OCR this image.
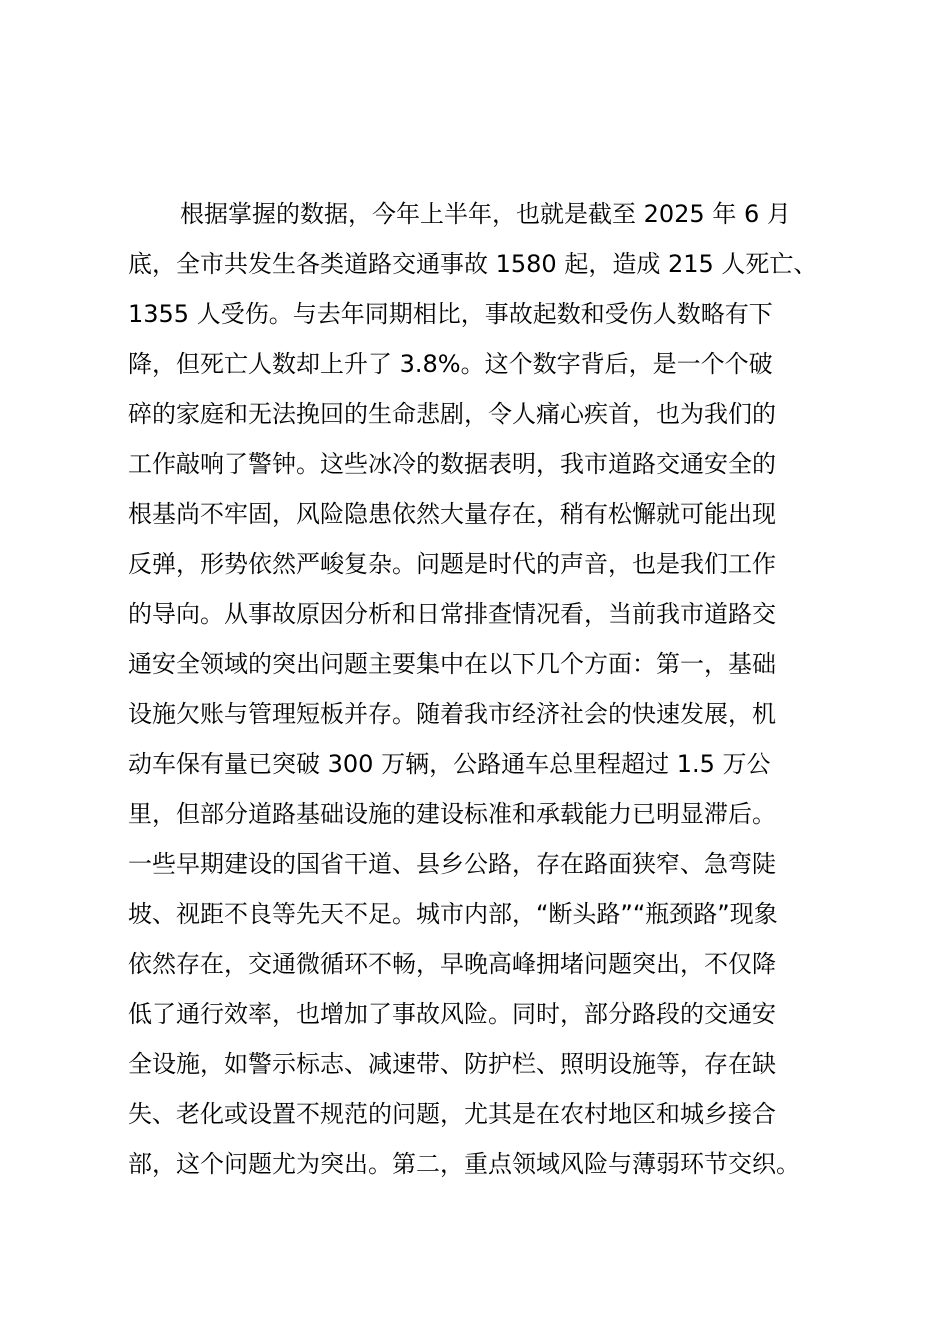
根据掌握的数据，今年上半年，也就是截至 2025 年 6 月
底，全市共发生各类道路交通事故 1580 起，造成 215 人死亡、
1355 人受伤。与去年同期相比，事故起数和受伤人数略有下
降，但死亡人数却上升了 3.8%。这个数字背后，是一个个破
碎的家庭和无法挽回的生命悲剧，令人痛心疾首，也为我们的
工作敲响了警钟。这些冰冷的数据表明，我市道路交通安全的
根基尚不牢固，风险隐患依然大量存在，稍有松懈就可能出现
反弹，形势依然严峻复杂。问题是时代的声音，也是我们工作
的导向。从事故原因分析和日常排查情况看，当前我市道路交
通安全领域的突出问题主要集中在以下几个方面：第一，基础
设施欠账与管理短板并存。随着我市经济社会的快速发展，机
动车保有量已突破 300 万辆，公路通车总里程超过 1.5 万公
里，但部分道路基础设施的建设标准和承载能力已明显滞后。
一些早期建设的国省干道、县乡公路，存在路面狭窄、急弯陡
坡、视距不良等先天不足。城市内部，“断头路”“瓶颈路”现象
依然存在，交通微循环不畅，早晚高峰拥堵问题突出，不仅降
低了通行效率，也增加了事故风险。同时，部分路段的交通安
全设施，如警示标志、减速带、防护栏、照明设施等，存在缺
失、老化或设置不规范的问题，尤其是在农村地区和城乡接合
部，这个问题尤为突出。第二，重点领域风险与薄弱环节交织。
